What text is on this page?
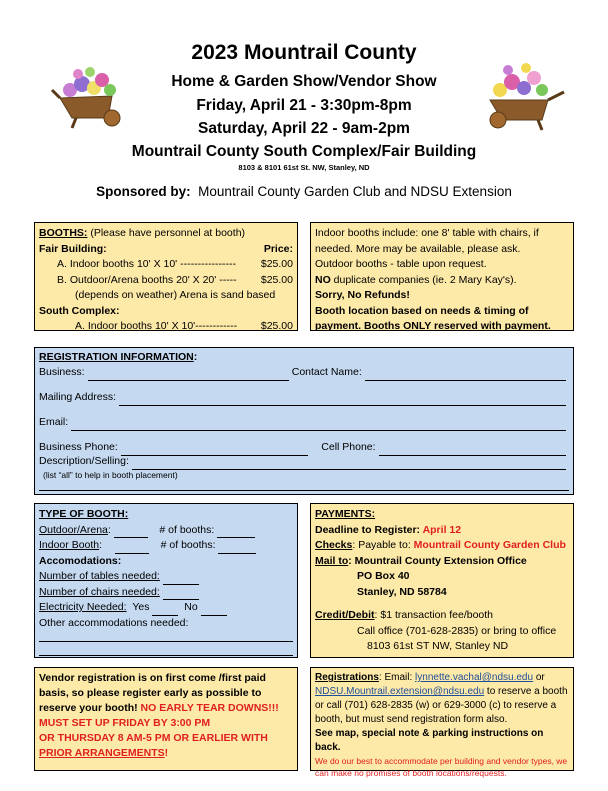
2023 Mountrail County
Home & Garden Show/Vendor Show
Friday, April 21 - 3:30pm-8pm
Saturday, April 22 - 9am-2pm
Mountrail County South Complex/Fair Building
8103 & 8101 61st St. NW, Stanley, ND
Sponsored by: Mountrail County Garden Club and NDSU Extension
BOOTHS: (Please have personnel at booth)
Fair Building:	Price:
A. Indoor booths 10' X 10' ---------------- $25.00
B. Outdoor/Arena booths 20' X 20' ----- $25.00
(depends on weather) Arena is sand based
South Complex:
A. Indoor booths 10' X 10'------------ $25.00
Indoor booths include: one 8' table with chairs, if needed. More may be available, please ask.
Outdoor booths - table upon request.
NO duplicate companies (ie. 2 Mary Kay's).
Sorry, No Refunds!
Booth location based on needs & timing of payment. Booths ONLY reserved with payment.
REGISTRATION INFORMATION:
Business:	Contact Name:
Mailing Address:
Email:
Business Phone:	Cell Phone:
Description/Selling:
(list “all” to help in booth placement)
TYPE OF BOOTH:
Outdoor/Arena:	# of booths:
Indoor Booth:	# of booths:
Accomodations:
Number of tables needed:
Number of chairs needed:
Electricity Needed: Yes	No
Other accommodations needed:
PAYMENTS:
Deadline to Register: April 12
Checks: Payable to: Mountrail County Garden Club
Mail to: Mountrail County Extension Office
PO Box 40
Stanley, ND 58784
Credit/Debit: $1 transaction fee/booth
Call office (701-628-2835) or bring to office
8103 61st ST NW, Stanley ND
Vendor registration is on first come /first paid basis, so please register early as possible to reserve your booth! NO EARLY TEAR DOWNS!!!
MUST SET UP FRIDAY BY 3:00 PM
OR THURSDAY 8 AM-5 PM OR EARLIER WITH
PRIOR ARRANGEMENTS!
Registrations: Email: lynnette.vachal@ndsu.edu or
NDSU.Mountrail.extension@ndsu.edu to reserve a booth or call (701) 628-2835 (w) or 629-3000 (c) to reserve a booth, but must send registration form also.
See map, special note & parking instructions on back.
We do our best to accommodate per building and vendor types, we can make no promises of booth locations/requests.
